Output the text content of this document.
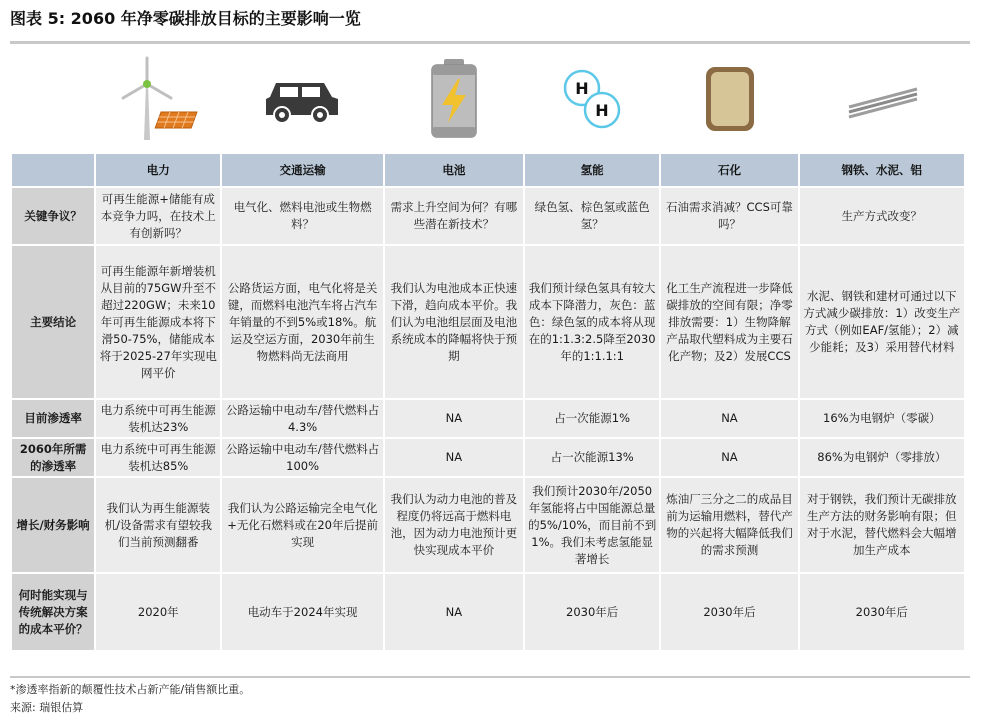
图表 5: 2060 年净零碳排放目标的主要影响一览
H
H
	电力	交通运输	电池	氢能	石化	钢铁、水泥、铝
关键争议？	可再生能源+储能有成本竞争力吗，在技术上有创新吗？	电气化、燃料电池或生物燃料？	需求上升空间为何？有哪些潜在新技术？	绿色氢、棕色氢或蓝色氢？	石油需求消减？CCS可靠吗？	生产方式改变？
主要结论	可再生能源年新增装机从目前的75GW升至不超过220GW；未来10年可再生能源成本将下滑50-75%，储能成本将于2025-27年实现电网平价	公路货运方面，电气化将是关键，而燃料电池汽车将占汽车年销量的不到5%或18%。航运及空运方面，2030年前生物燃料尚无法商用	我们认为电池成本正快速下滑，趋向成本平价。我们认为电池组层面及电池系统成本的降幅将快于预期	我们预计绿色氢具有较大成本下降潜力，灰色：蓝色：绿色氢的成本将从现在的1:1.3:2.5降至2030年的1:1.1:1	化工生产流程进一步降低碳排放的空间有限；净零排放需要：1）生物降解产品取代塑料成为主要石化产物；及2）发展CCS	水泥、钢铁和建材可通过以下方式减少碳排放：1）改变生产方式（例如EAF/氢能）；2）减少能耗；及3）采用替代材料
目前渗透率	电力系统中可再生能源装机达23%	公路运输中电动车/替代燃料占4.3%	NA	占一次能源1%	NA	16%为电钢炉（零碳）
2060年所需的渗透率	电力系统中可再生能源装机达85%	公路运输中电动车/替代燃料占100%	NA	占一次能源13%	NA	86%为电钢炉（零排放）
增长/财务影响	我们认为再生能源装机/设备需求有望较我们当前预测翻番	我们认为公路运输完全电气化+无化石燃料或在20年后提前实现	我们认为动力电池的普及程度仍将远高于燃料电池，因为动力电池预计更快实现成本平价	我们预计2030年/2050年氢能将占中国能源总量的5%/10%，而目前不到1%。我们未考虑氢能显著增长	炼油厂三分之二的成品目前为运输用燃料，替代产物的兴起将大幅降低我们的需求预测	对于钢铁，我们预计无碳排放生产方法的财务影响有限；但对于水泥，替代燃料会大幅增加生产成本
何时能实现与传统解决方案的成本平价？	2020年	电动车于2024年实现	NA	2030年后	2030年后	2030年后
*渗透率指新的颠覆性技术占新产能/销售额比重。
来源: 瑞银估算
